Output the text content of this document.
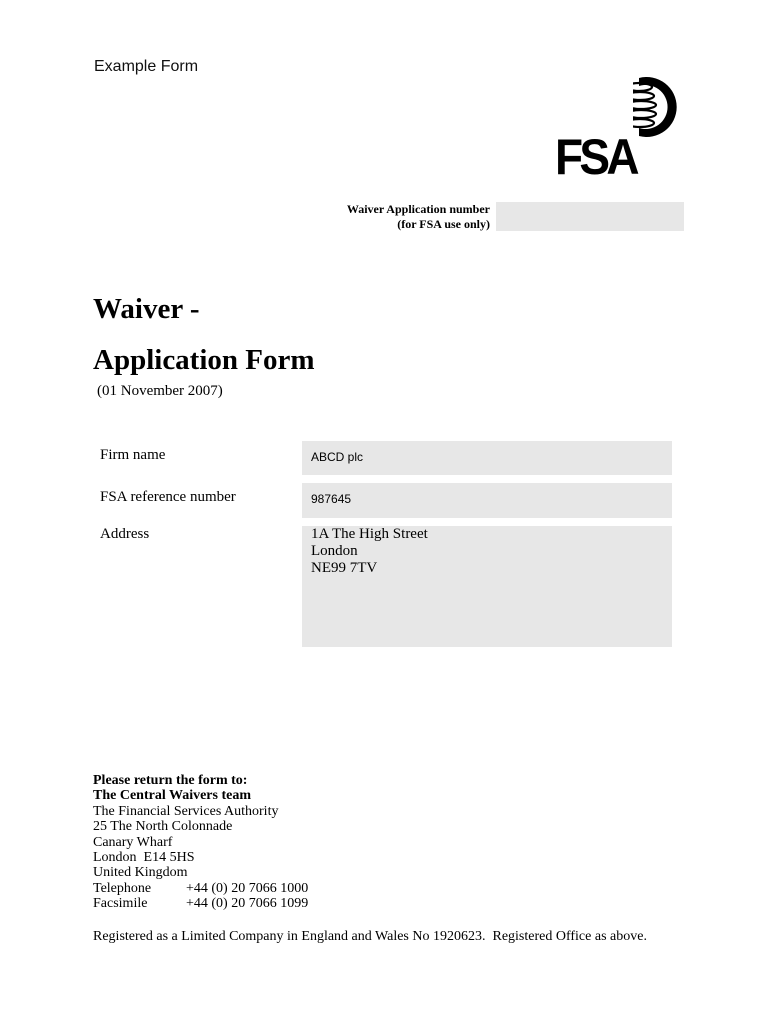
Example Form
FSA
Waiver Application number
(for FSA use only)
Waiver -
Application Form
(01 November 2007)
Firm name	ABCD plc
FSA reference number	987645
Address	1A The High Street
London
NE99 7TV
Please return the form to:
The Central Waivers team
The Financial Services Authority
25 The North Colonnade
Canary Wharf
London  E14 5HS
United Kingdom
Telephone +44 (0) 20 7066 1000
Facsimile	+44 (0) 20 7066 1099
Registered as a Limited Company in England and Wales No 1920623.  Registered Office as above.
